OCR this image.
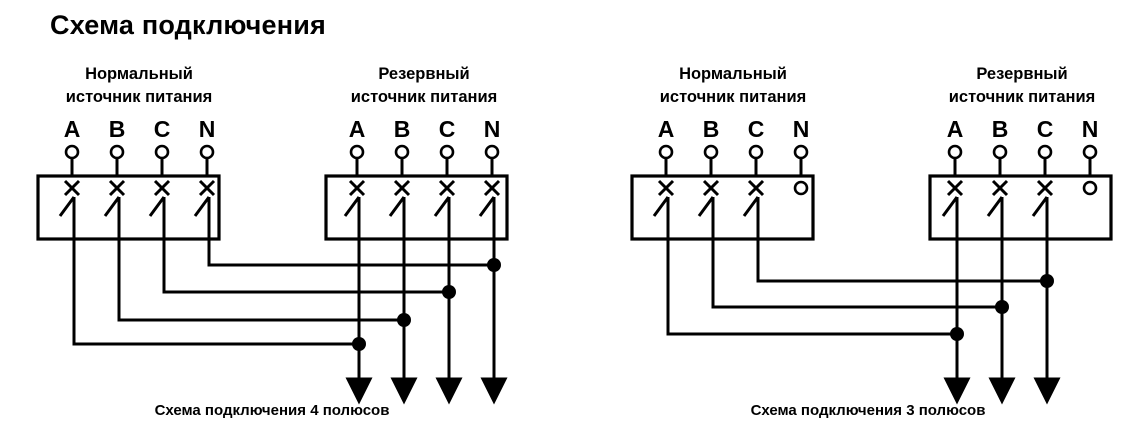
Схема подключения
Нормальный
источник питания
Резервный
источник питания
A B C N	A B C N
Схема подключения 4 полюсов
Нормальный
источник питания
Резервный
источник питания
A B C N	A B C N
Схема подключения 3 полюсов
